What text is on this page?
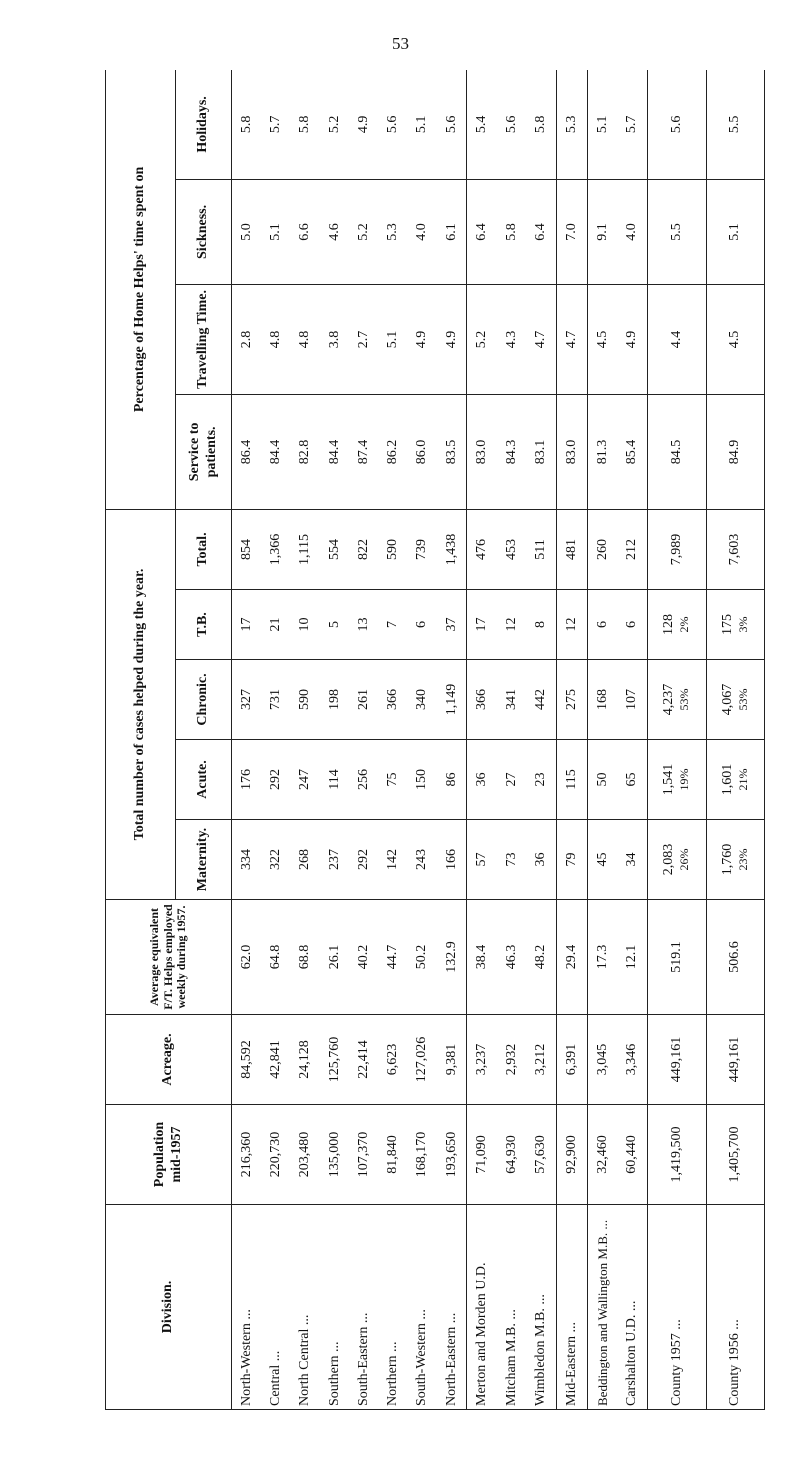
53
Division.	Population mid-1957	Acreage.	Average equivalent F/T. Helps employed weekly during 1957.	Total number of cases helped during the year.					Percentage of Home Helps' time spent on			
				Maternity.	Acute.	Chronic.	T.B.	Total.	Service to patients.	Travelling Time.	Sickness.	Holidays.
North-Western ...	216,360	84,592	62.0	334	176	327	17	854	86.4	2.8	5.0	5.8
Central ...	220,730	42,841	64.8	322	292	731	21	1,366	84.4	4.8	5.1	5.7
North Central ...	203,480	24,128	68.8	268	247	590	10	1,115	82.8	4.8	6.6	5.8
Southern ...	135,000	125,760	26.1	237	114	198	5	554	84.4	3.8	4.6	5.2
South-Eastern ...	107,370	22,414	40.2	292	256	261	13	822	87.4	2.7	5.2	4.9
Northern ...	81,840	6,623	44.7	142	75	366	7	590	86.2	5.1	5.3	5.6
South-Western ...	168,170	127,026	50.2	243	150	340	6	739	86.0	4.9	4.0	5.1
North-Eastern ...	193,650	9,381	132.9	166	86	1,149	37	1,438	83.5	4.9	6.1	5.6
Merton and Morden U.D.	71,090	3,237	38.4	57	36	366	17	476	83.0	5.2	6.4	5.4
Mitcham M.B. ...	64,930	2,932	46.3	73	27	341	12	453	84.3	4.3	5.8	5.6
Wimbledon M.B. ...	57,630	3,212	48.2	36	23	442	8	511	83.1	4.7	6.4	5.8
Mid-Eastern ...	92,900	6,391	29.4	79	115	275	12	481	83.0	4.7	7.0	5.3
Beddington and Wallington M.B. ...	32,460	3,045	17.3	45	50	168	6	260	81.3	4.5	9.1	5.1
Carshalton U.D. ...	60,440	3,346	12.1	34	65	107	6	212	85.4	4.9	4.0	5.7
County 1957 ...	1,419,500	449,161	519.1	2,083 26%	1,541 19%	4,237 53%	128 2%	7,989	84.5	4.4	5.5	5.6
County 1956 ...	1,405,700	449,161	506.6	1,760 23%	1,601 21%	4,067 53%	175 3%	7,603	84.9	4.5	5.1	5.5
